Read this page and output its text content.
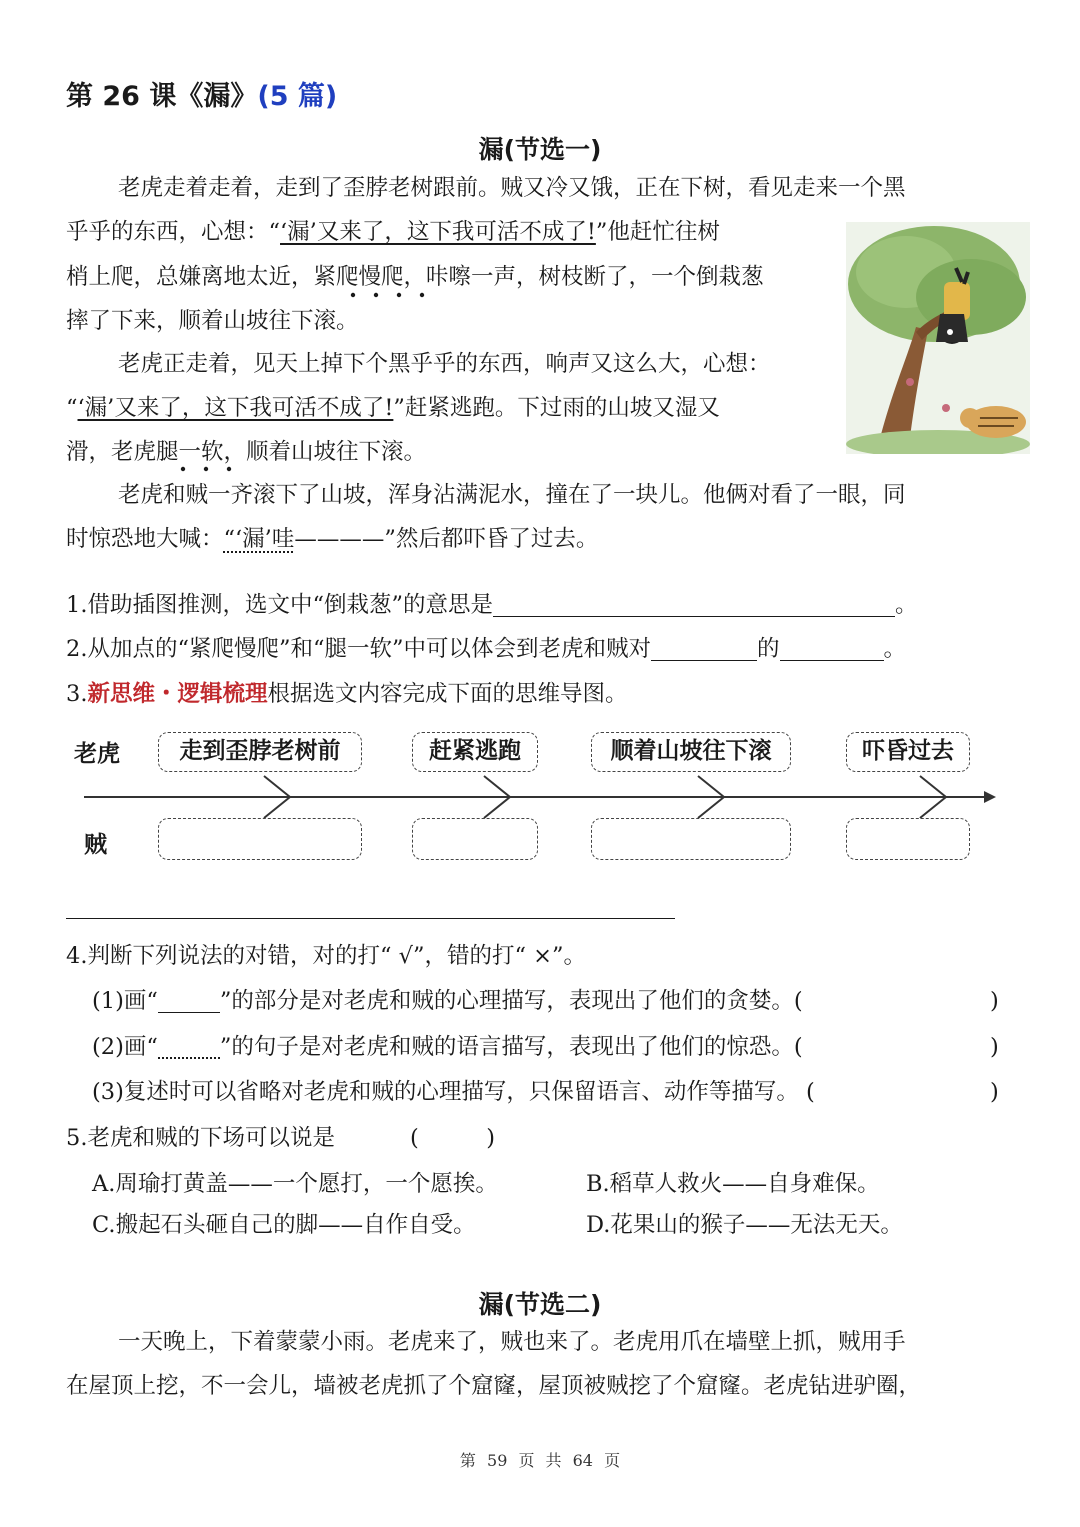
第 26 课《漏》(5 篇)
漏(节选一)
老虎走着走着，走到了歪脖老树跟前。贼又冷又饿，正在下树，看见走来一个黑
乎乎的东西，心想：“‘漏’又来了，这下我可活不成了!”他赶忙往树
梢上爬，总嫌离地太近，紧爬慢爬，咔嚓一声，树枝断了，一个倒栽葱
摔了下来，顺着山坡往下滚。
老虎正走着，见天上掉下个黑乎乎的东西，响声又这么大，心想：
“‘漏’又来了，这下我可活不成了!”赶紧逃跑。下过雨的山坡又湿又
滑，老虎腿一软，顺着山坡往下滚。
老虎和贼一齐滚下了山坡，浑身沾满泥水，撞在了一块儿。他俩对看了一眼，同
时惊恐地大喊：“‘漏’哇————”然后都吓昏了过去。
1.借助插图推测，选文中“倒栽葱”的意思是	。
2.从加点的“紧爬慢爬”和“腿一软”中可以体会到老虎和贼对	的	。
3.新思维・逻辑梳理根据选文内容完成下面的思维导图。
老虎
贼
走到歪脖老树前	赶紧逃跑	顺着山坡往下滚	吓昏过去
4.判断下列说法的对错，对的打“ √”，错的打“ ×”。
(1)画“	”的部分是对老虎和贼的心理描写，表现出了他们的贪婪。(	)
(2)画“	”的句子是对老虎和贼的语言描写，表现出了他们的惊恐。(	)
(3)复述时可以省略对老虎和贼的心理描写，只保留语言、动作等描写。 (	)
5.老虎和贼的下场可以说是	(　　　)
A.周瑜打黄盖——一个愿打，一个愿挨。	B.稻草人救火——自身难保。
C.搬起石头砸自己的脚——自作自受。	D.花果山的猴子——无法无天。
漏(节选二)
一天晚上，下着蒙蒙小雨。老虎来了，贼也来了。老虎用爪在墙壁上抓，贼用手
在屋顶上挖，不一会儿，墙被老虎抓了个窟窿，屋顶被贼挖了个窟窿。老虎钻进驴圈，
第 59 页 共 64 页
